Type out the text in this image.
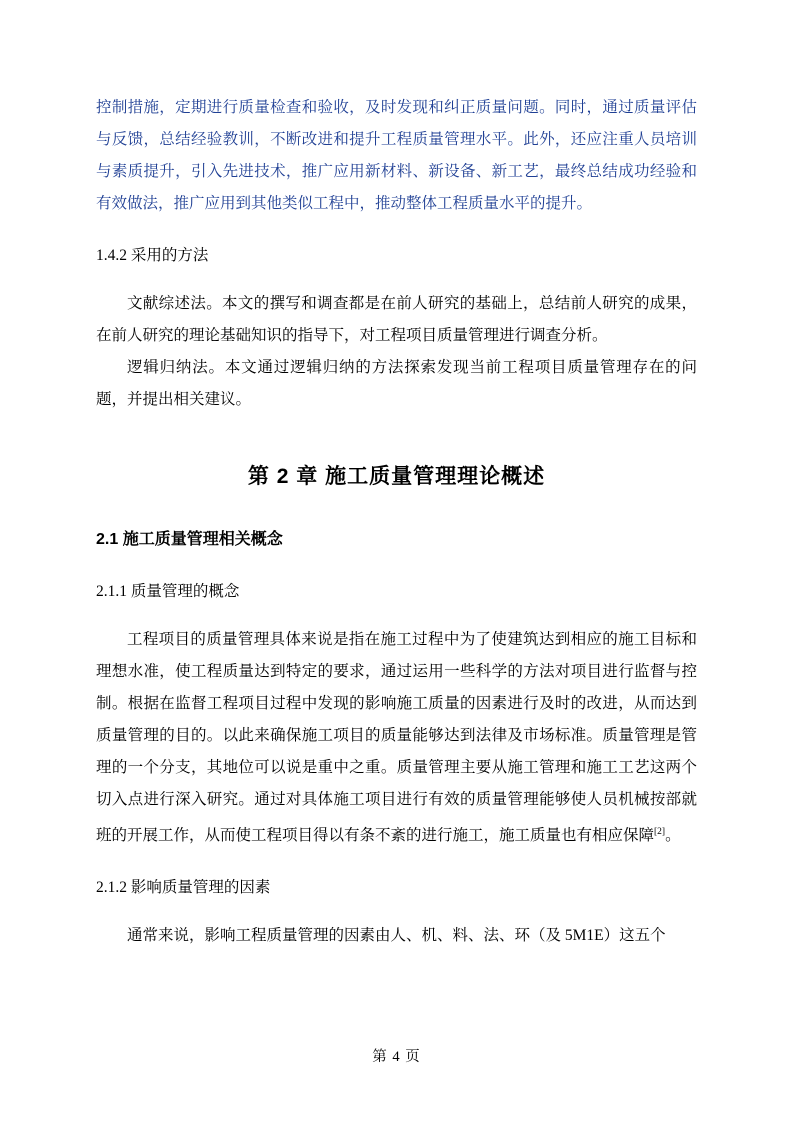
控制措施，定期进行质量检查和验收，及时发现和纠正质量问题。同时，通过质量评估与反馈，总结经验教训，不断改进和提升工程质量管理水平。此外，还应注重人员培训与素质提升，引入先进技术，推广应用新材料、新设备、新工艺，最终总结成功经验和有效做法，推广应用到其他类似工程中，推动整体工程质量水平的提升。

1.4.2 采用的方法

文献综述法。本文的撰写和调查都是在前人研究的基础上，总结前人研究的成果，在前人研究的理论基础知识的指导下，对工程项目质量管理进行调查分析。

逻辑归纳法。本文通过逻辑归纳的方法探索发现当前工程项目质量管理存在的问题，并提出相关建议。

第 2 章 施工质量管理理论概述
2.1 施工质量管理相关概念
2.1.1 质量管理的概念

工程项目的质量管理具体来说是指在施工过程中为了使建筑达到相应的施工目标和理想水准，使工程质量达到特定的要求，通过运用一些科学的方法对项目进行监督与控制。根据在监督工程项目过程中发现的影响施工质量的因素进行及时的改进，从而达到质量管理的目的。以此来确保施工项目的质量能够达到法律及市场标准。质量管理是管理的一个分支，其地位可以说是重中之重。质量管理主要从施工管理和施工工艺这两个切入点进行深入研究。通过对具体施工项目进行有效的质量管理能够使人员机械按部就班的开展工作，从而使工程项目得以有条不紊的进行施工，施工质量也有相应保障[2]。

2.1.2 影响质量管理的因素

通常来说，影响工程质量管理的因素由人、机、料、法、环（及 5M1E）这五个

第 4 页
